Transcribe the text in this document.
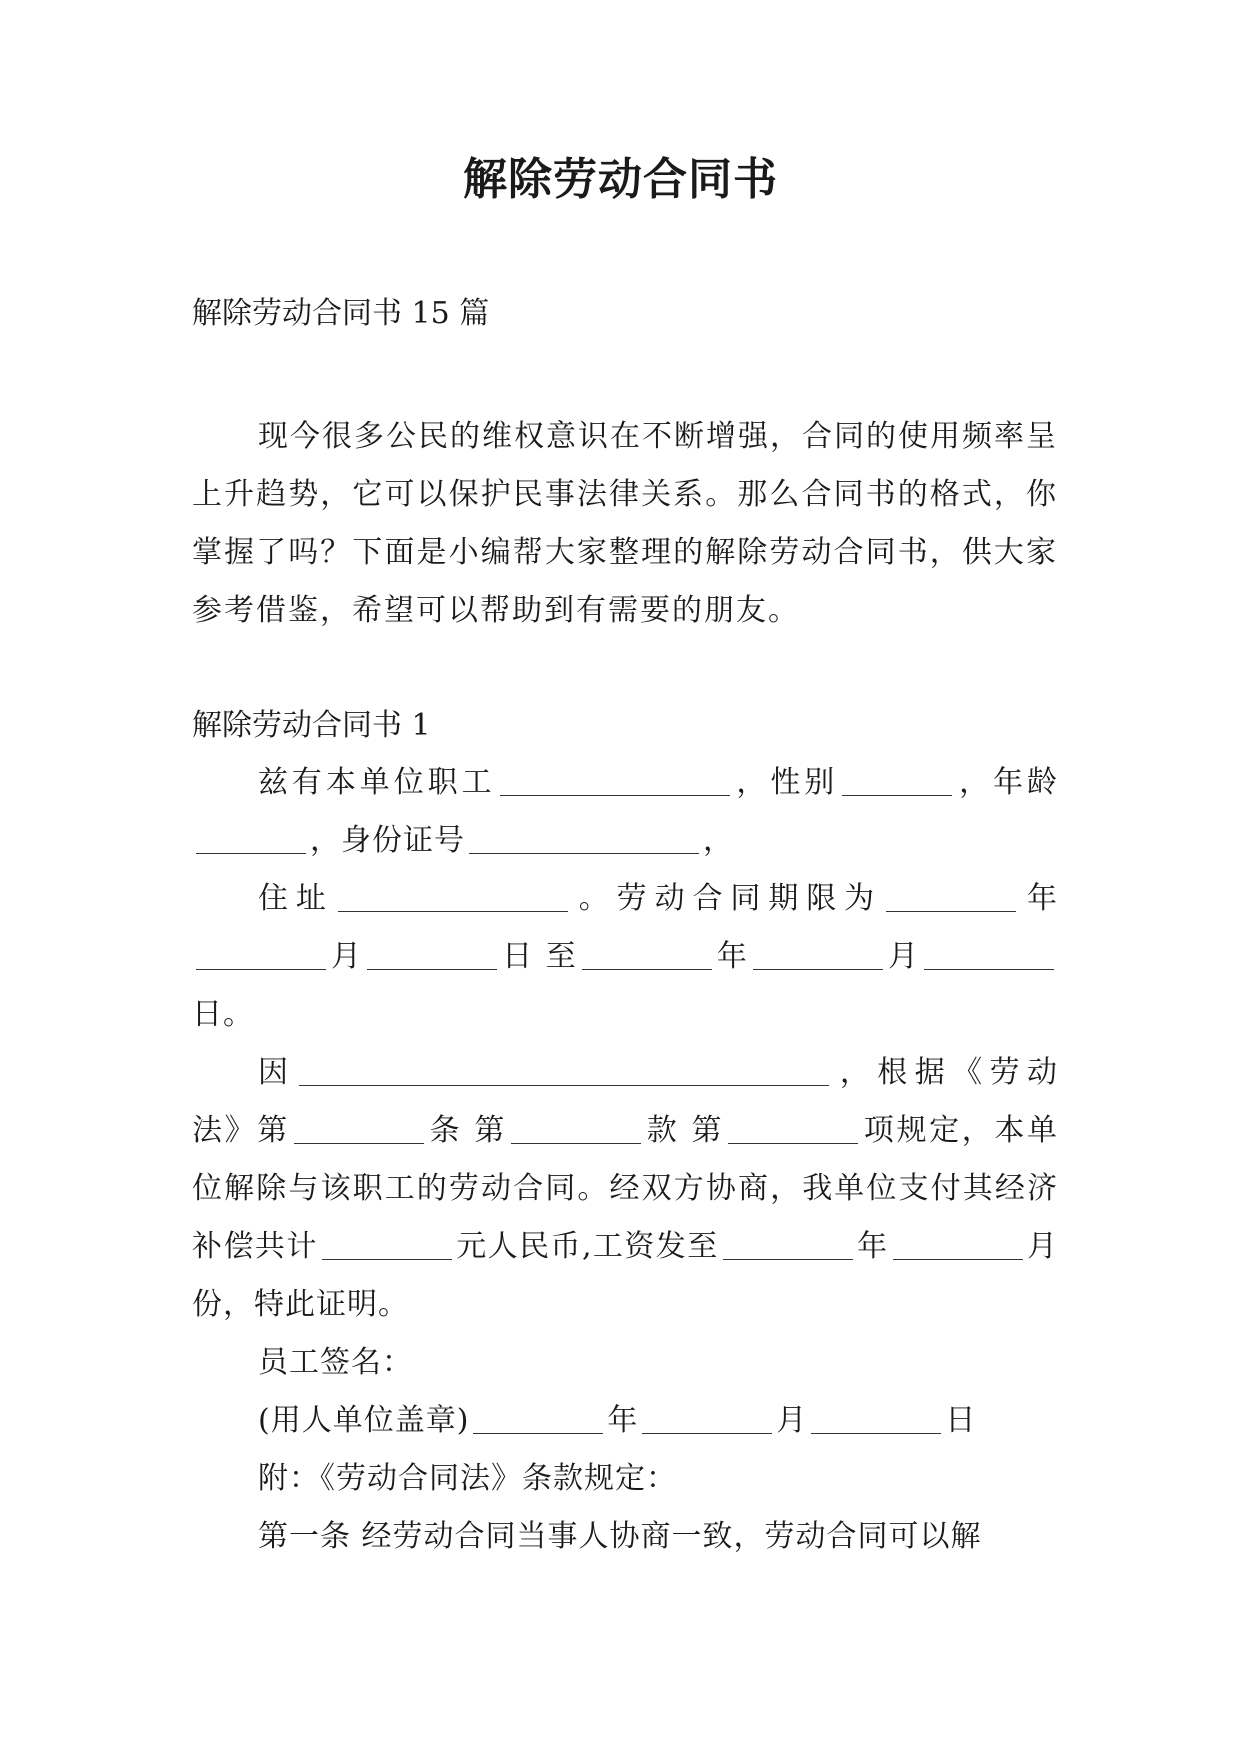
解除劳动合同书

解除劳动合同书 15 篇

现今很多公民的维权意识在不断增强，合同的使用频率呈上升趋势，它可以保护民事法律关系。那么合同书的格式，你掌握了吗？下面是小编帮大家整理的解除劳动合同书，供大家参考借鉴，希望可以帮助到有需要的朋友。

解除劳动合同书 1

兹有本单位职工	，性别	，年龄，身份证号	，

住址	。劳动合同期限为	年月	日 至	年	月日。

因	，根据《劳动法》第	条 第	款 第	项规定，本单位解除与该职工的劳动合同。经双方协商，我单位支付其经济补偿共计	元人民币,工资发至	年	月份，特此证明。

员工签名：

(用人单位盖章)	年	月	日

附：《劳动合同法》条款规定：

第一条 经劳动合同当事人协商一致，劳动合同可以解
